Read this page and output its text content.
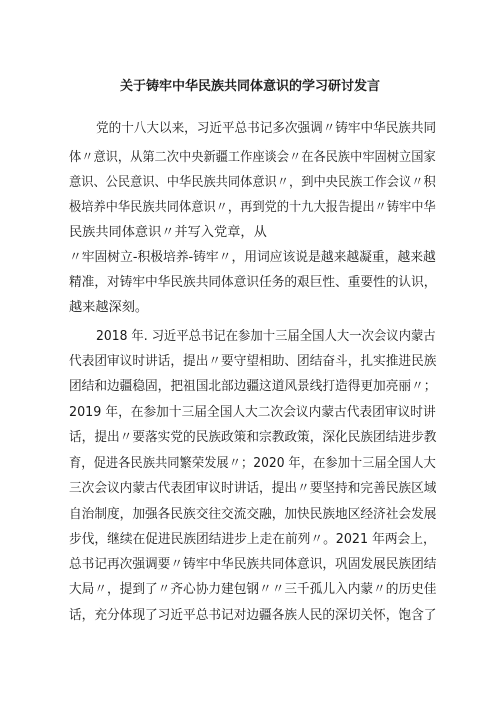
关于铸牢中华民族共同体意识的学习研讨发言
党的十八大以来，习近平总书记多次强调〃铸牢中华民族共同
体〃意识，从第二次中央新疆工作座谈会〃在各民族中牢固树立国家
意识、公民意识、中华民族共同体意识〃，到中央民族工作会议〃积
极培养中华民族共同体意识〃，再到党的十九大报告提出〃铸牢中华
民族共同体意识〃并写入党章，从
〃牢固树立-积极培养-铸牢〃，用词应该说是越来越凝重，越来越
精准，对铸牢中华民族共同体意识任务的艰巨性、重要性的认识，
越来越深刻。
2018 年. 习近平总书记在参加十三届全国人大一次会议内蒙古
代表团审议时讲话，提出〃要守望相助、团结奋斗，扎实推进民族
团结和边疆稳固，把祖国北部边疆这道风景线打造得更加亮丽〃；
2019 年，在参加十三届全国人大二次会议内蒙古代表团审议时讲
话，提出〃要落实党的民族政策和宗教政策，深化民族团结进步教
育，促进各民族共同繁荣发展〃；2020 年，在参加十三届全国人大
三次会议内蒙古代表团审议时讲话，提出〃要坚持和完善民族区域
自治制度，加强各民族交往交流交融，加快民族地区经济社会发展
步伐，继续在促进民族团结进步上走在前列〃。2021 年两会上，
总书记再次强调要〃铸牢中华民族共同体意识，巩固发展民族团结
大局〃，提到了〃齐心协力建包钢〃〃三千孤儿入内蒙〃的历史佳
话，充分体现了习近平总书记对边疆各族人民的深切关怀，饱含了
